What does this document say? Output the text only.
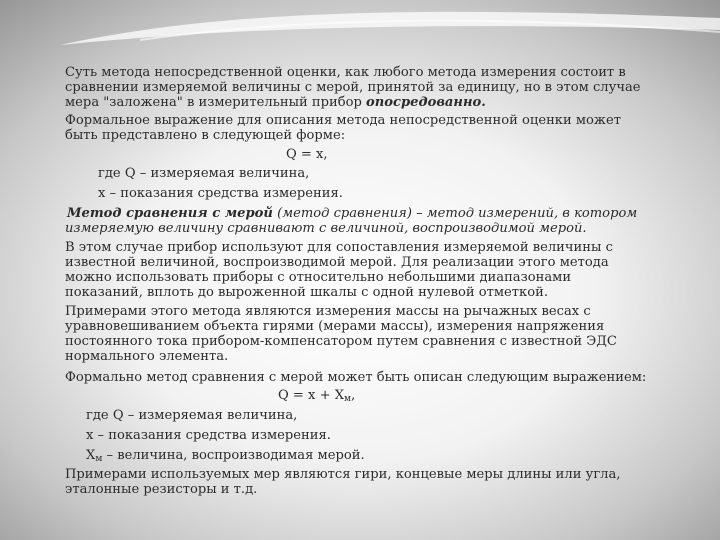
Суть метода непосредственной оценки, как любого метода измерения состоит в
сравнении измеряемой величины с мерой, принятой за единицу, но в этом случае
мера "заложена" в измерительный прибор опосредованно.
Формальное выражение для описания метода непосредственной оценки может
быть представлено в следующей форме:
Q = x,
где Q – измеряемая величина,
x – показания средства измерения.
Метод сравнения с мерой (метод сравнения) – метод измерений, в котором
измеряемую величину сравнивают с величиной, воспроизводимой мерой.
В этом случае прибор используют для сопоставления измеряемой величины с
известной величиной, воспроизводимой мерой. Для реализации этого метода
можно использовать приборы с относительно небольшими диапазонами
показаний, вплоть до выроженной шкалы с одной нулевой отметкой.
Примерами этого метода являются измерения массы на рычажных весах с
уравновешиванием объекта гирями (мерами массы), измерения напряжения
постоянного тока прибором-компенсатором путем сравнения с известной ЭДС
нормального элемента.
Формально метод сравнения с мерой может быть описан следующим выражением:
$Q = x + X_м$,
где Q – измеряемая величина,
x – показания средства измерения.
$X_м$ – величина, воспроизводимая мерой.
Примерами используемых мер являются гири, концевые меры длины или угла,
эталонные резисторы и т.д.
